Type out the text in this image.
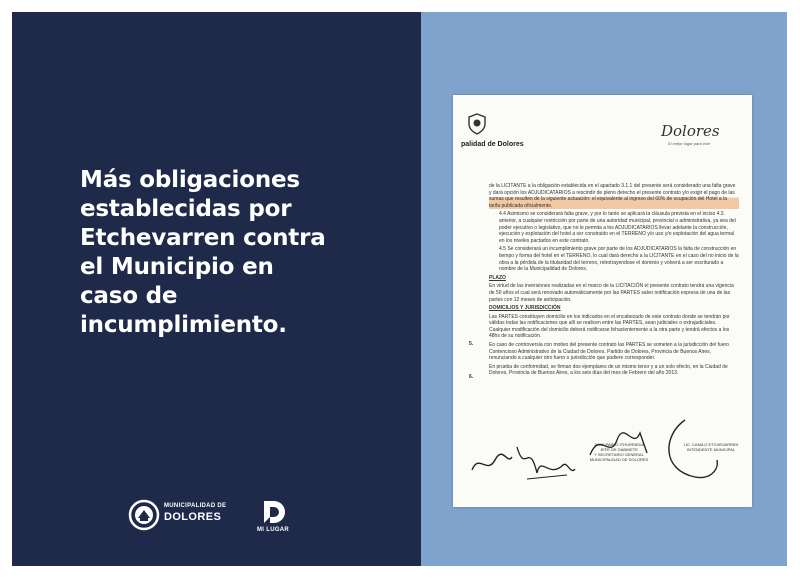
Más obligaciones
establecidas por
Etchevarren contra
el Municipio en
caso de
incumplimiento.
MUNICIPALIDAD DE
DOLORES
MI LUGAR
palidad de Dolores
Dolores
El mejor lugar para vivir

de la LICITANTE a la obligación establecida en el apartado 3.1.1 del presente será considerado una falta grave y dará opción los ADJUDICATARIOS a rescindir de pleno derecho el presente contrato y/o exigir el pago de las sumas que resulten de la siguiente actuación: el equivalente al ingreso del 60% de ocupación del Hotel a la tarifa publicada oficialmente.

4.4 Asimismo se considerará falta grave, y por lo tanto se aplicará la cláusula prevista en el inciso 4.3. anterior, a cualquier restricción por parte de una autoridad municipal, provincial o administrativa, ya sea del poder ejecutivo o legislativo, que no le permita a los ADJUDICATARIOS llevar adelante la construcción, ejecución y explotación del hotel a ser construido en el TERRENO y/o uso y/o explotación del agua termal en los niveles pactados en este contrato.

4.5 Se considerará un incumplimiento grave por parte de los ADJUDICATARIOS la falta de construcción en tiempo y forma del hotel en el TERRENO, lo cual dará derecho a la LICITANTE en el caso del no inicio de la obra a la pérdida de la titularidad del terreno, retrotrayendose el dominio y volverá a ser escriturado a nombre de la Municipalidad de Dolores.

PLAZO

En virtud de las inversiones realizadas en el marco de la LICITACIÓN el presente contrato tendrá una vigencia de 50 años el cual será renovado automáticamente por las PARTES salvo notificación expresa de una de las partes con 12 meses de anticipación.

DOMICILIOS Y JURISDICCIÓN

Las PARTES constituyen domicilio en los indicados en el encabezado de este contrato donde se tendrán por válidas todas las notificaciones que allí se realicen entre las PARTES, sean judiciales o extrajudiciales. Cualquier modificación del domicilio deberá notificarse fehacientemente a la otra parte y tendrá efectos a los 48hs de su notificación.

En caso de controversia con motivo del presente contrato las PARTES se someten a la jurisdicción del fuero Contencioso Administrativo de la Ciudad de Dolores, Partido de Dolores, Provincia de Buenos Aires, renunciando a cualquier otro fuero o jurisdicción que pudiere corresponder.

En prueba de conformidad, se firman dos ejemplares de un mismo tenor y a un solo efecto, en la Ciudad de Dolores, Provincia de Buenos Aires, a los seis días del mes de Febrero del año 2013.

5.
6.
JUAN PABLO ITHURRIEDA
JEFE DE GABINETE
Y SECRETARIO GENERAL
MUNICIPALIDAD DE DOLORES
LIC. CAMILO ETCHEVARREN
INTENDENTE MUNICIPAL
